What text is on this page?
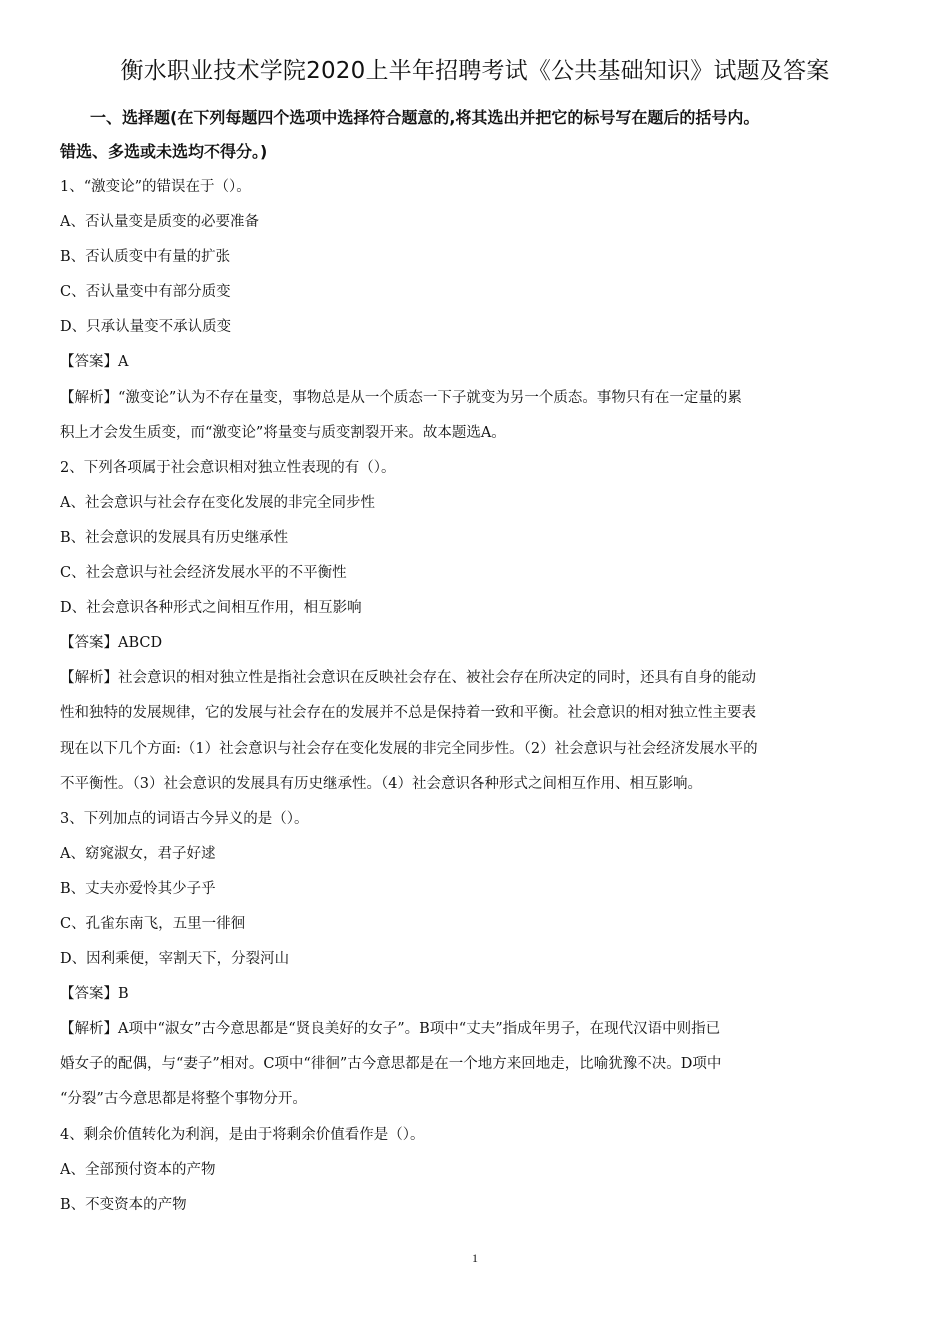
衡水职业技术学院2020上半年招聘考试《公共基础知识》试题及答案
一、选择题(在下列每题四个选项中选择符合题意的,将其选出并把它的标号写在题后的括号内。
错选、多选或未选均不得分。)
1、“激变论”的错误在于（）。
A、否认量变是质变的必要准备
B、否认质变中有量的扩张
C、否认量变中有部分质变
D、只承认量变不承认质变
【答案】A
【解析】“激变论”认为不存在量变，事物总是从一个质态一下子就变为另一个质态。事物只有在一定量的累
积上才会发生质变，而“激变论”将量变与质变割裂开来。故本题选A。
2、下列各项属于社会意识相对独立性表现的有（）。
A、社会意识与社会存在变化发展的非完全同步性
B、社会意识的发展具有历史继承性
C、社会意识与社会经济发展水平的不平衡性
D、社会意识各种形式之间相互作用，相互影响
【答案】ABCD
【解析】社会意识的相对独立性是指社会意识在反映社会存在、被社会存在所决定的同时，还具有自身的能动
性和独特的发展规律，它的发展与社会存在的发展并不总是保持着一致和平衡。社会意识的相对独立性主要表
现在以下几个方面:（1）社会意识与社会存在变化发展的非完全同步性。（2）社会意识与社会经济发展水平的
不平衡性。（3）社会意识的发展具有历史继承性。（4）社会意识各种形式之间相互作用、相互影响。
3、下列加点的词语古今异义的是（）。
A、窈窕淑女，君子好逑
B、丈夫亦爱怜其少子乎
C、孔雀东南飞，五里一徘徊
D、因利乘便，宰割天下，分裂河山
【答案】B
【解析】A项中“淑女”古今意思都是“贤良美好的女子”。B项中“丈夫”指成年男子，在现代汉语中则指已
婚女子的配偶，与“妻子”相对。C项中“徘徊”古今意思都是在一个地方来回地走，比喻犹豫不决。D项中
“分裂”古今意思都是将整个事物分开。
4、剩余价值转化为利润，是由于将剩余价值看作是（）。
A、全部预付资本的产物
B、不变资本的产物
1
